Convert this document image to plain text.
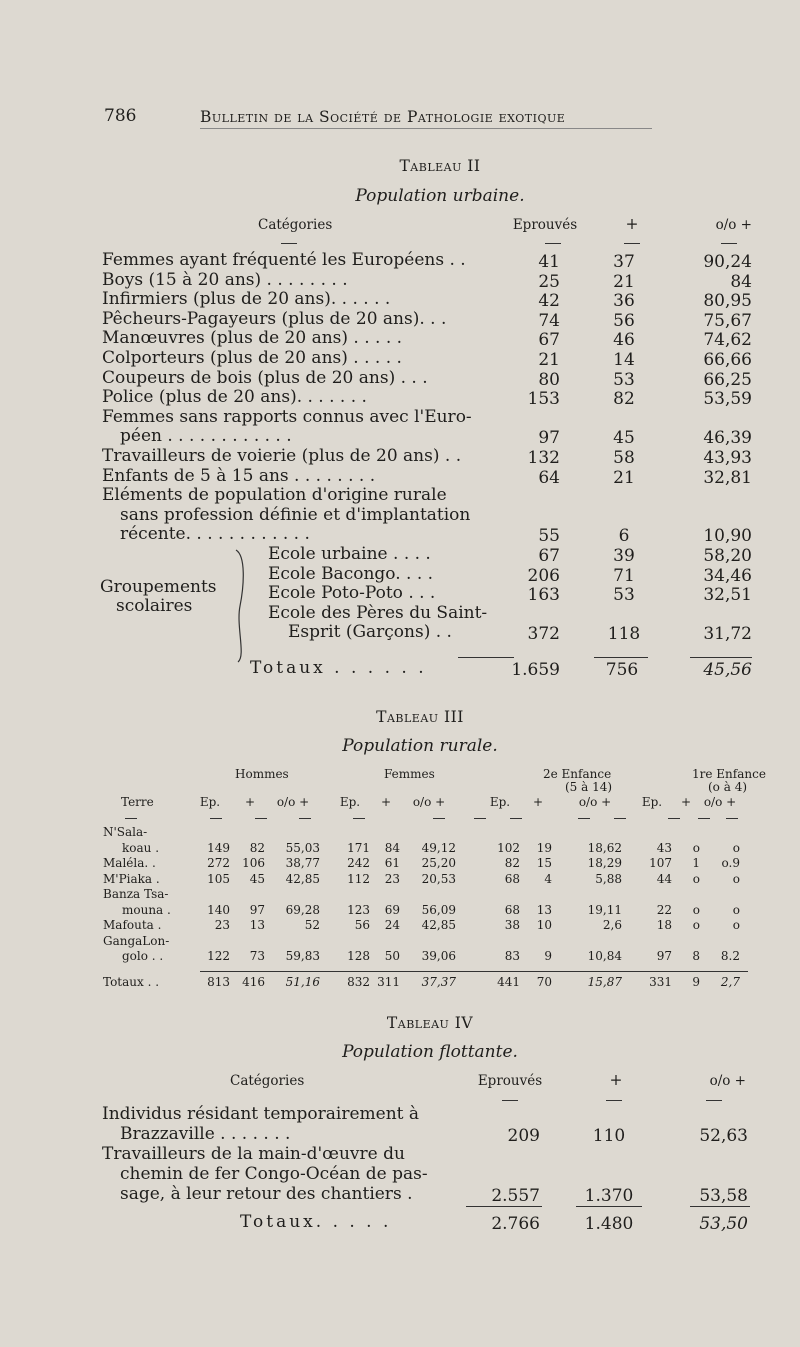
786	Bulletin de la Société de Pathologie exotique
Tableau II
Population urbaine.
Catégories	Eprouvés	+	o/o +
Femmes ayant fréquenté les Européens . .	41	37	90,24
Boys (15 à 20 ans) . . . . . . . .	25	21	84
Infirmiers (plus de 20 ans). . . . . .	42	36	80,95
Pêcheurs-Pagayeurs (plus de 20 ans). . .	74	56	75,67
Manœuvres (plus de 20 ans) . . . . .	67	46	74,62
Colporteurs (plus de 20 ans) . . . . .	21	14	66,66
Coupeurs de bois (plus de 20 ans) . . .	80	53	66,25
Police (plus de 20 ans). . . . . . .	153	82	53,59
Femmes sans rapports connus avec l'Euro-
péen . . . . . . . . . . . .	97	45	46,39
Travailleurs de voierie (plus de 20 ans) . .	132	58	43,93
Enfants de 5 à 15 ans . . . . . . . .	64	21	32,81
Eléments de population d'origine rurale
sans profession définie et d'implantation
récente. . . . . . . . . . . .	55	6	10,90
Ecole urbaine . . . .	67	39	58,20
Ecole Bacongo. . . .	206	71	34,46
Ecole Poto-Poto . . .	163	53	32,51
Ecole des Pères du Saint-
Esprit (Garçons) . .	372	118	31,72
Groupements
scolaires
Totaux . . . . . .	1.659	756	45,56
Tableau III
Population rurale.
Hommes	Femmes	2e Enfance
(5 à 14)
1re Enfance
(o à 4)
Terre	Ep.	+	o/o +	Ep.	+	o/o +	Ep.	+	o/o +	Ep.	+	o/o +
N'Sala-
koau .	149	82	55,03	171	84	49,12	102	19	18,62	43	o	o
Maléla. .	272	106	38,77	242	61	25,20	82	15	18,29	107	1	o.9
M'Piaka .	105	45	42,85	112	23	20,53	68	4	5,88	44	o	o
Banza Tsa-
mouna .	140	97	69,28	123	69	56,09	68	13	19,11	22	o	o
Mafouta .	23	13	52	56	24	42,85	38	10	2,6	18	o	o
GangaLon-
golo . .	122	73	59,83	128	50	39,06	83	9	10,84	97	8	8.2
Totaux . .	813	416	51,16	832 311	37,37	441	70	15,87	331	9	2,7
Tableau IV
Population flottante.
Catégories	Eprouvés	+	o/o +
Individus résidant temporairement à
Brazzaville . . . . . . .	209	110	52,63
Travailleurs de la main-d'œuvre du
chemin de fer Congo-Océan de pas-
sage, à leur retour des chantiers .	2.557	1.370	53,58
Totaux. . . . .	2.766	1.480	53,50
